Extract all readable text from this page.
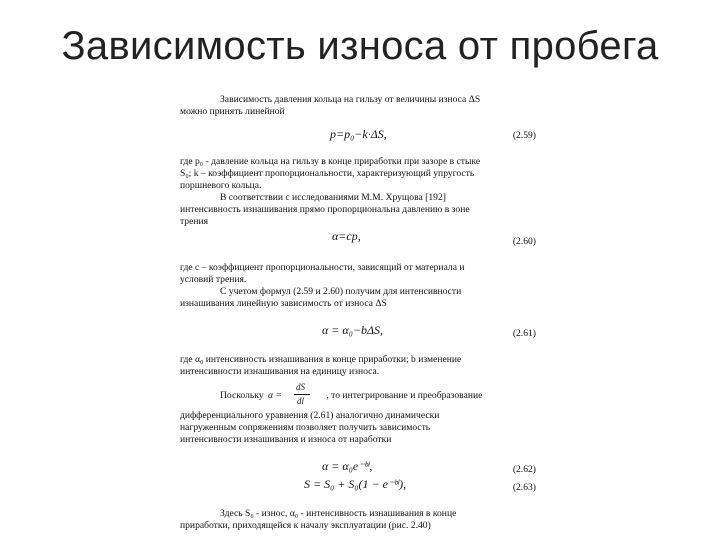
Зависимость износа от пробега
Зависимость давления кольца на гильзу от величины износа ΔS
можно принять линейной
p=p₀−k·ΔS,	(2.59)
где p₀ - давление кольца на гильзу в конце приработки при зазоре в стыке
S₀; k – коэффициент пропорциональности, характеризующий упругость
поршневого кольца.
В соответствии с исследованиями М.М. Хрущова [192]
интенсивность изнашивания прямо пропорциональна давлению в зоне
трения
α=cp,	(2.60)
где c – коэффициент пропорциональности, зависящий от материала и
условий трения.
С учетом формул (2.59 и 2.60) получим для интенсивности
изнашивания линейную зависимость от износа ΔS
α = α₀−bΔS,	(2.61)
где α₀ интенсивность изнашивания в конце приработки; b изменение
интенсивности изнашивания на единицу износа.
Поскольку α =
dS
dl , то интегрирование и преобразование
дифференциального уравнения (2.61) аналогично динамически
нагруженным сопряжениям позволяет получить зависимость
интенсивности изнашивания и износа от наработки
α = α₀e⁻ᵇˡ,	(2.62)
S = S₀ + S₀(1 − e⁻ᵇˡ),	(2.63)
Здесь S₀ - износ, α₀ - интенсивность изнашивания в конце
приработки, приходящейся к началу эксплуатации (рис. 2.40)
